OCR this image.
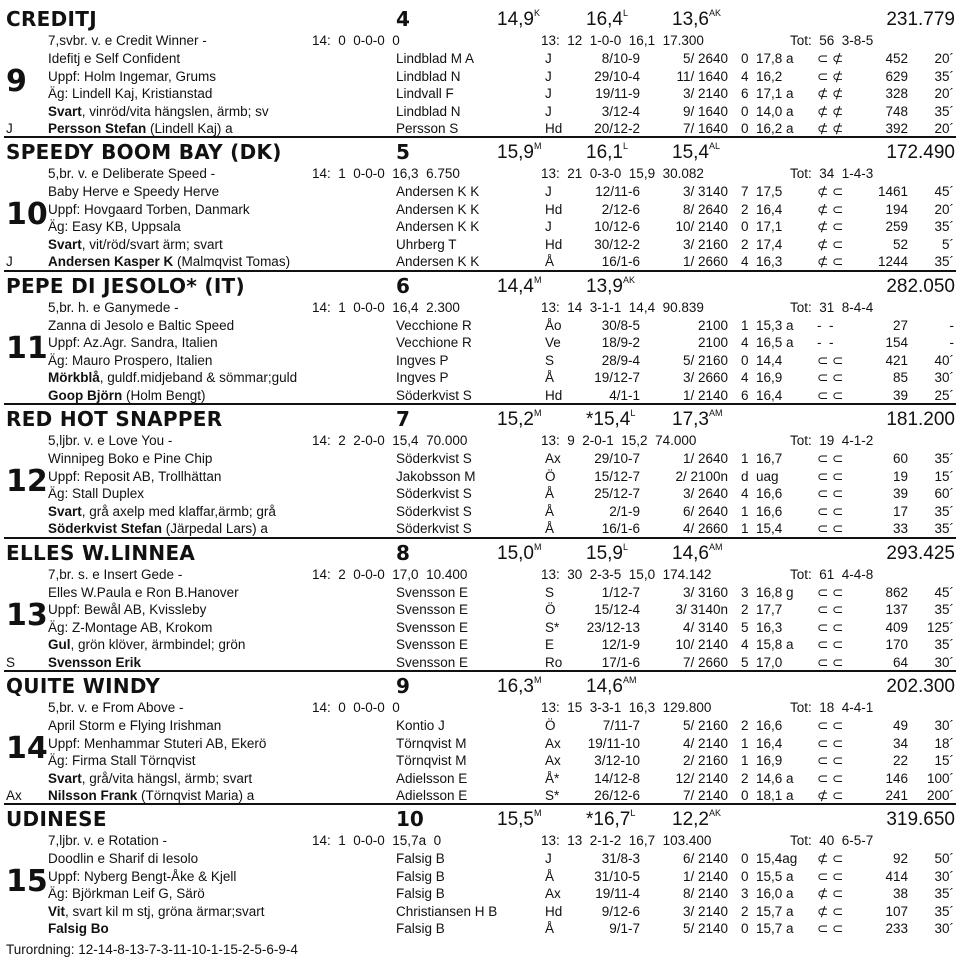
CREDITJ	4	$14,9^K$	$16,4^L$	$13,6^{AK}$	231.779
7,svbr. v. e Credit Winner -	14:  0  0-0-0  0	13:  12  1-0-0  16,1  17.300	Tot:  56  3-8-5
9
J
Idefitj e Self Confident	Lindblad M A	J	8/10-9	5/ 2640 0 17,8 a	⊂ ⊄	452	20´
Uppf: Holm Ingemar, Grums	Lindblad N	J	29/10-4	11/ 1640 4 16,2	⊂ ⊄	629	35´
Äg: Lindell Kaj, Kristianstad	Lindvall F	J	19/11-9	3/ 2140 6 17,1 a	⊄ ⊄	328	20´
Svart, vinröd/vita hängslen, ärmb; sv	Lindblad N	J	3/12-4	9/ 1640 0 14,0 a	⊄ ⊄	748	35´
Persson Stefan (Lindell Kaj) a	Persson S	Hd	20/12-2	7/ 1640 0 16,2 a	⊄ ⊄	392	20´
SPEEDY BOOM BAY (DK)	5	$15,9^M$	$16,1^L$	$15,4^{AL}$	172.490
5,br. v. e Deliberate Speed -	14:  1  0-0-0  16,3  6.750	13:  21  0-3-0  15,9  30.082	Tot:  34  1-4-3
10
J
Baby Herve e Speedy Herve	Andersen K K	J	12/11-6	3/ 3140 7 17,5	⊄ ⊂	1461	45´
Uppf: Hovgaard Torben, Danmark	Andersen K K	Hd	2/12-6	8/ 2640 2 16,4	⊄ ⊂	194	20´
Äg: Easy KB, Uppsala	Andersen K K	J	10/12-6	10/ 2140 0 17,1	⊄ ⊂	259	35´
Svart, vit/röd/svart ärm; svart	Uhrberg T	Hd	30/12-2	3/ 2160 2 17,4	⊄ ⊂	52	5´
Andersen Kasper K (Malmqvist Tomas)	Andersen K K	Å	16/1-6	1/ 2660 4 16,3	⊄ ⊂	1244	35´
PEPE DI JESOLO* (IT)	6	$14,4^M$	$13,9^{AK}$	282.050
5,br. h. e Ganymede -	14:  1  0-0-0  16,4  2.300	13:  14  3-1-1  14,4  90.839	Tot:  31  8-4-4
11
Zanna di Jesolo e Baltic Speed	Vecchione R	Åo	30/8-5	2100 1 15,3 a	-  -	27	-
Uppf: Az.Agr. Sandra, Italien	Vecchione R	Ve	18/9-2	2100 4 16,5 a	-  -	154	-
Äg: Mauro Prospero, Italien	Ingves P	S	28/9-4	5/ 2160 0 14,4	⊂ ⊂	421	40´
Mörkblå, guldf.midjeband & sömmar;guld	Ingves P	Å	19/12-7	3/ 2660 4 16,9	⊂ ⊂	85	30´
Goop Björn (Holm Bengt)	Söderkvist S	Hd	4/1-1	1/ 2140 6 16,4	⊂ ⊂	39	25´
RED HOT SNAPPER	7	$15,2^M$	$*15,4^L$	$17,3^{AM}$	181.200
5,ljbr. v. e Love You -	14:  2  2-0-0  15,4  70.000	13:  9  2-0-1  15,2  74.000	Tot:  19  4-1-2
12
Winnipeg Boko e Pine Chip	Söderkvist S	Ax	29/10-7	1/ 2640 1 16,7	⊂ ⊂	60	35´
Uppf: Reposit AB, Trollhättan	Jakobsson M	Ö	15/12-7	2/ 2100n d uag	⊂ ⊂	19	15´
Äg: Stall Duplex	Söderkvist S	Å	25/12-7	3/ 2640 4 16,6	⊂ ⊂	39	60´
Svart, grå axelp med klaffar,ärmb; grå	Söderkvist S	Å	2/1-9	6/ 2640 1 16,6	⊂ ⊂	17	35´
Söderkvist Stefan (Järpedal Lars) a	Söderkvist S	Å	16/1-6	4/ 2660 1 15,4	⊂ ⊂	33	35´
ELLES W.LINNEA	8	$15,0^M$	$15,9^L$	$14,6^{AM}$	293.425
7,br. s. e Insert Gede -	14:  2  0-0-0  17,0  10.400	13:  30  2-3-5  15,0  174.142	Tot:  61  4-4-8
13
S
Elles W.Paula e Ron B.Hanover	Svensson E	S	1/12-7	3/ 3160 3 16,8 g	⊂ ⊂	862	45´
Uppf: Bewål AB, Kvissleby	Svensson E	Ö	15/12-4	3/ 3140n 2 17,7	⊂ ⊂	137	35´
Äg: Z-Montage AB, Krokom	Svensson E	S*	23/12-13	4/ 3140 5 16,3	⊂ ⊂	409	125´
Gul, grön klöver, ärmbindel; grön	Svensson E	E	12/1-9	10/ 2140 4 15,8 a	⊂ ⊂	170	35´
Svensson Erik	Svensson E	Ro	17/1-6	7/ 2660 5 17,0	⊂ ⊂	64	30´
QUITE WINDY	9	$16,3^M$	$14,6^{AM}$	202.300
5,br. v. e From Above -	14:  0  0-0-0  0	13:  15  3-3-1  16,3  129.800	Tot:  18  4-4-1
14
Ax
April Storm e Flying Irishman	Kontio J	Ö	7/11-7	5/ 2160 2 16,6	⊂ ⊂	49	30´
Uppf: Menhammar Stuteri AB, Ekerö	Törnqvist M	Ax	19/11-10	4/ 2140 1 16,4	⊂ ⊂	34	18´
Äg: Firma Stall Törnqvist	Törnqvist M	Ax	3/12-10	2/ 2160 1 16,9	⊂ ⊂	22	15´
Svart, grå/vita hängsl, ärmb; svart	Adielsson E	Å*	14/12-8	12/ 2140 2 14,6 a	⊂ ⊂	146	100´
Nilsson Frank (Törnqvist Maria) a	Adielsson E	S*	26/12-6	7/ 2140 0 18,1 a	⊄ ⊂	241	200´
UDINESE	10	$15,5^M$	$*16,7^L$	$12,2^{AK}$	319.650
7,ljbr. v. e Rotation -	14:  1  0-0-0  15,7a  0	13:  13  2-1-2  16,7  103.400	Tot:  40  6-5-7
15
Doodlin e Sharif di Iesolo	Falsig B	J	31/8-3	6/ 2140 0 15,4ag	⊄ ⊂	92	50´
Uppf: Nyberg Bengt-Åke & Kjell	Falsig B	Å	31/10-5	1/ 2140 0 15,5 a	⊂ ⊂	414	30´
Äg: Björkman Leif G, Särö	Falsig B	Ax	19/11-4	8/ 2140 3 16,0 a	⊄ ⊂	38	35´
Vit, svart kil m stj, gröna ärmar;svart	Christiansen H B	Hd	9/12-6	3/ 2140 2 15,7 a	⊄ ⊂	107	35´
Falsig Bo	Falsig B	Å	9/1-7	5/ 2140 0 15,7 a	⊂ ⊂	233	30´
Turordning: 12-14-8-13-7-3-11-10-1-15-2-5-6-9-4
